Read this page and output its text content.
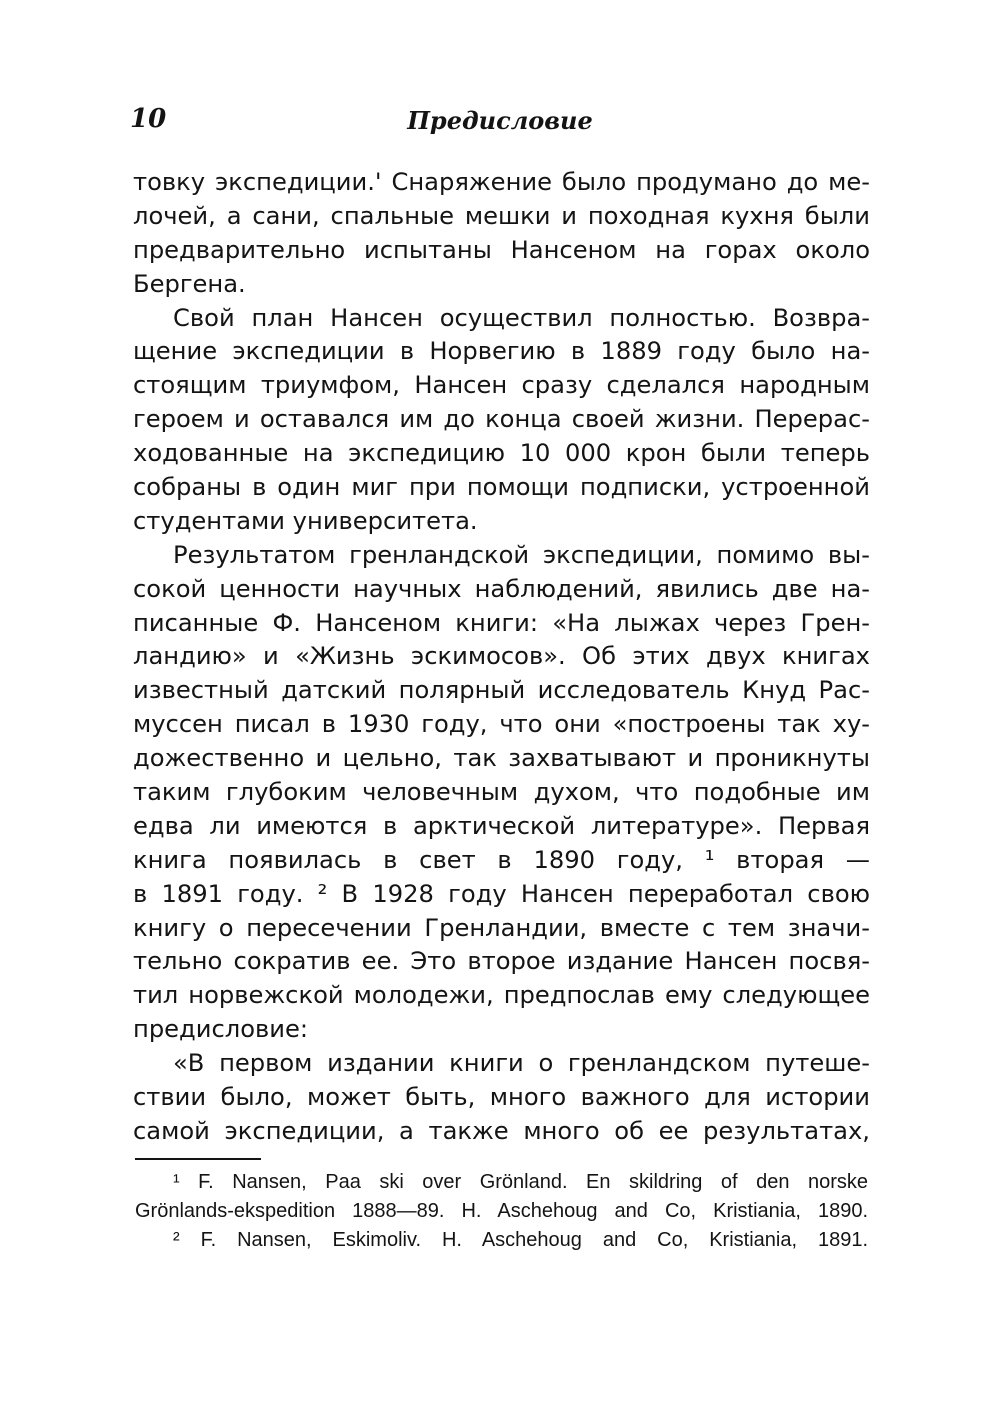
10	Предисловие

товку экспедиции.' Снаряжение было продумано до ме-
лочей, а сани, спальные мешки и походная кухня были
предварительно испытаны Нансеном на горах около
Бергена.

Свой план Нансен осуществил полностью. Возвра-
щение экспедиции в Норвегию в 1889 году было на-
стоящим триумфом, Нансен сразу сделался народным
героем и оставался им до конца своей жизни. Перерас-
ходованные на экспедицию 10 000 крон были теперь
собраны в один миг при помощи подписки, устроенной
студентами университета.

Результатом гренландской экспедиции, помимо вы-
сокой ценности научных наблюдений, явились две на-
писанные Ф. Нансеном книги: «На лыжах через Грен-
ландию» и «Жизнь эскимосов». Об этих двух книгах
известный датский полярный исследователь Кнуд Рас-
муссен писал в 1930 году, что они «построены так ху-
дожественно и цельно, так захватывают и проникнуты
таким глубоким человечным духом, что подобные им
едва ли имеются в арктической литературе». Первая
книга появилась в свет в 1890 году, ¹ вторая —
в 1891 году. ² В 1928 году Нансен переработал свою
книгу о пересечении Гренландии, вместе с тем значи-
тельно сократив ее. Это второе издание Нансен посвя-
тил норвежской молодежи, предпослав ему следующее
предисловие:

«В первом издании книги о гренландском путеше-
ствии было, может быть, много важного для истории
самой экспедиции, а также много об ее результатах,

¹ F. Nansen, Paa ski over Grönland. En skildring of den norske
Grönlands-ekspedition 1888—89. H. Aschehoug and Co, Kristiania, 1890.
² F. Nansen, Eskimoliv. H. Aschehoug and Co, Kristiania, 1891.
